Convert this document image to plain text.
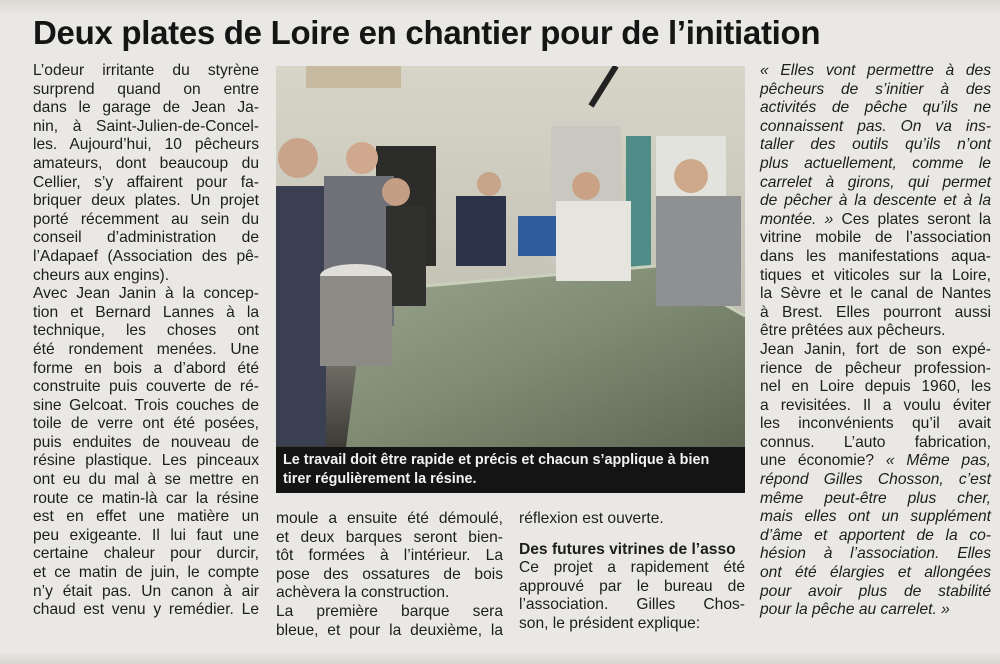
Deux plates de Loire en chantier pour de l’initiation
L’odeur irritante du styrène
surprend quand on entre
dans le garage de Jean Ja-
nin, à Saint-Julien-de-Concel-
les. Aujourd’hui, 10 pêcheurs
amateurs, dont beaucoup du
Cellier, s’y affairent pour fa-
briquer deux plates. Un projet
porté récemment au sein du
conseil d’administration de
l’Adapaef (Association des pê-
cheurs aux engins).
Avec Jean Janin à la concep-
tion et Bernard Lannes à la
technique, les choses ont
été rondement menées. Une
forme en bois a d’abord été
construite puis couverte de ré-
sine Gelcoat. Trois couches de
toile de verre ont été posées,
puis enduites de nouveau de
résine plastique. Les pinceaux
ont eu du mal à se mettre en
route ce matin-là car la résine
est en effet une matière un
peu exigeante. Il lui faut une
certaine chaleur pour durcir,
et ce matin de juin, le compte
n’y était pas. Un canon à air
chaud est venu y remédier. Le
Le travail doit être rapide et précis et chacun s’applique à bien tirer régulièrement la résine.
moule a ensuite été démoulé,
et deux barques seront bien-
tôt formées à l’intérieur. La
pose des ossatures de bois
achèvera la construction.
La première barque sera
bleue, et pour la deuxième, la
réflexion est ouverte.
Des futures vitrines de l’asso
Ce projet a rapidement été
approuvé par le bureau de
l’association. Gilles Chos-
son, le président explique:
« Elles vont permettre à des
pêcheurs de s’initier à des
activités de pêche qu’ils ne
connaissent pas. On va ins-
taller des outils qu’ils n’ont
plus actuellement, comme le
carrelet à girons, qui permet
de pêcher à la descente et à la
montée. » Ces plates seront la
vitrine mobile de l’association
dans les manifestations aqua-
tiques et viticoles sur la Loire,
la Sèvre et le canal de Nantes
à Brest. Elles pourront aussi
être prêtées aux pêcheurs.
Jean Janin, fort de son expé-
rience de pêcheur profession-
nel en Loire depuis 1960, les
a revisitées. Il a voulu éviter
les inconvénients qu’il avait
connus. L’auto fabrication,
une économie? « Même pas,
répond Gilles Chosson, c’est
même peut-être plus cher,
mais elles ont un supplément
d’âme et apportent de la co-
hésion à l’association. Elles
ont été élargies et allongées
pour avoir plus de stabilité
pour la pêche au carrelet. »
